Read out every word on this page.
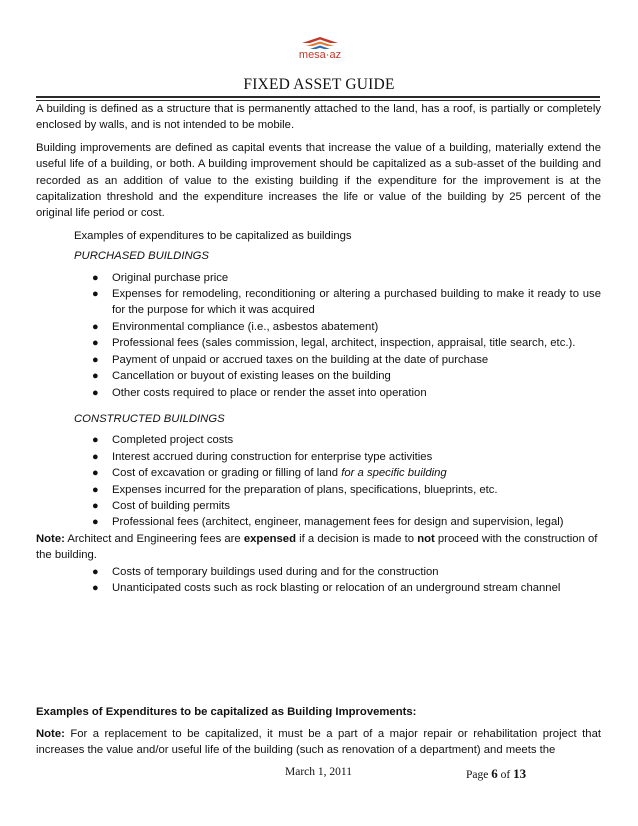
mesa·az
FIXED ASSET GUIDE

A building is defined as a structure that is permanently attached to the land, has a roof, is partially or completely enclosed by walls, and is not intended to be mobile.

Building improvements are defined as capital events that increase the value of a building, materially extend the useful life of a building, or both. A building improvement should be capitalized as a sub-asset of the building and recorded as an addition of value to the existing building if the expenditure for the improvement is at the capitalization threshold and the expenditure increases the life or value of the building by 25 percent of the original life period or cost.

Examples of expenditures to be capitalized as buildings

PURCHASED BUILDINGS

● Original purchase price
● Expenses for remodeling, reconditioning or altering a purchased building to make it ready to use for the purpose for which it was acquired
● Environmental compliance (i.e., asbestos abatement)
● Professional fees (sales commission, legal, architect, inspection, appraisal, title search, etc.).
● Payment of unpaid or accrued taxes on the building at the date of purchase
● Cancellation or buyout of existing leases on the building
● Other costs required to place or render the asset into operation

CONSTRUCTED BUILDINGS

● Completed project costs
● Interest accrued during construction for enterprise type activities
● Cost of excavation or grading or filling of land for a specific building
● Expenses incurred for the preparation of plans, specifications, blueprints, etc.
● Cost of building permits
● Professional fees (architect, engineer, management fees for design and supervision, legal)

Note: Architect and Engineering fees are expensed if a decision is made to not proceed with the construction of the building.

● Costs of temporary buildings used during and for the construction
● Unanticipated costs such as rock blasting or relocation of an underground stream channel
Examples of Expenditures to be capitalized as Building Improvements:
Note: For a replacement to be capitalized, it must be a part of a major repair or rehabilitation project that increases the value and/or useful life of the building (such as renovation of a department) and meets the
March 1, 2011	Page 6 of 13
